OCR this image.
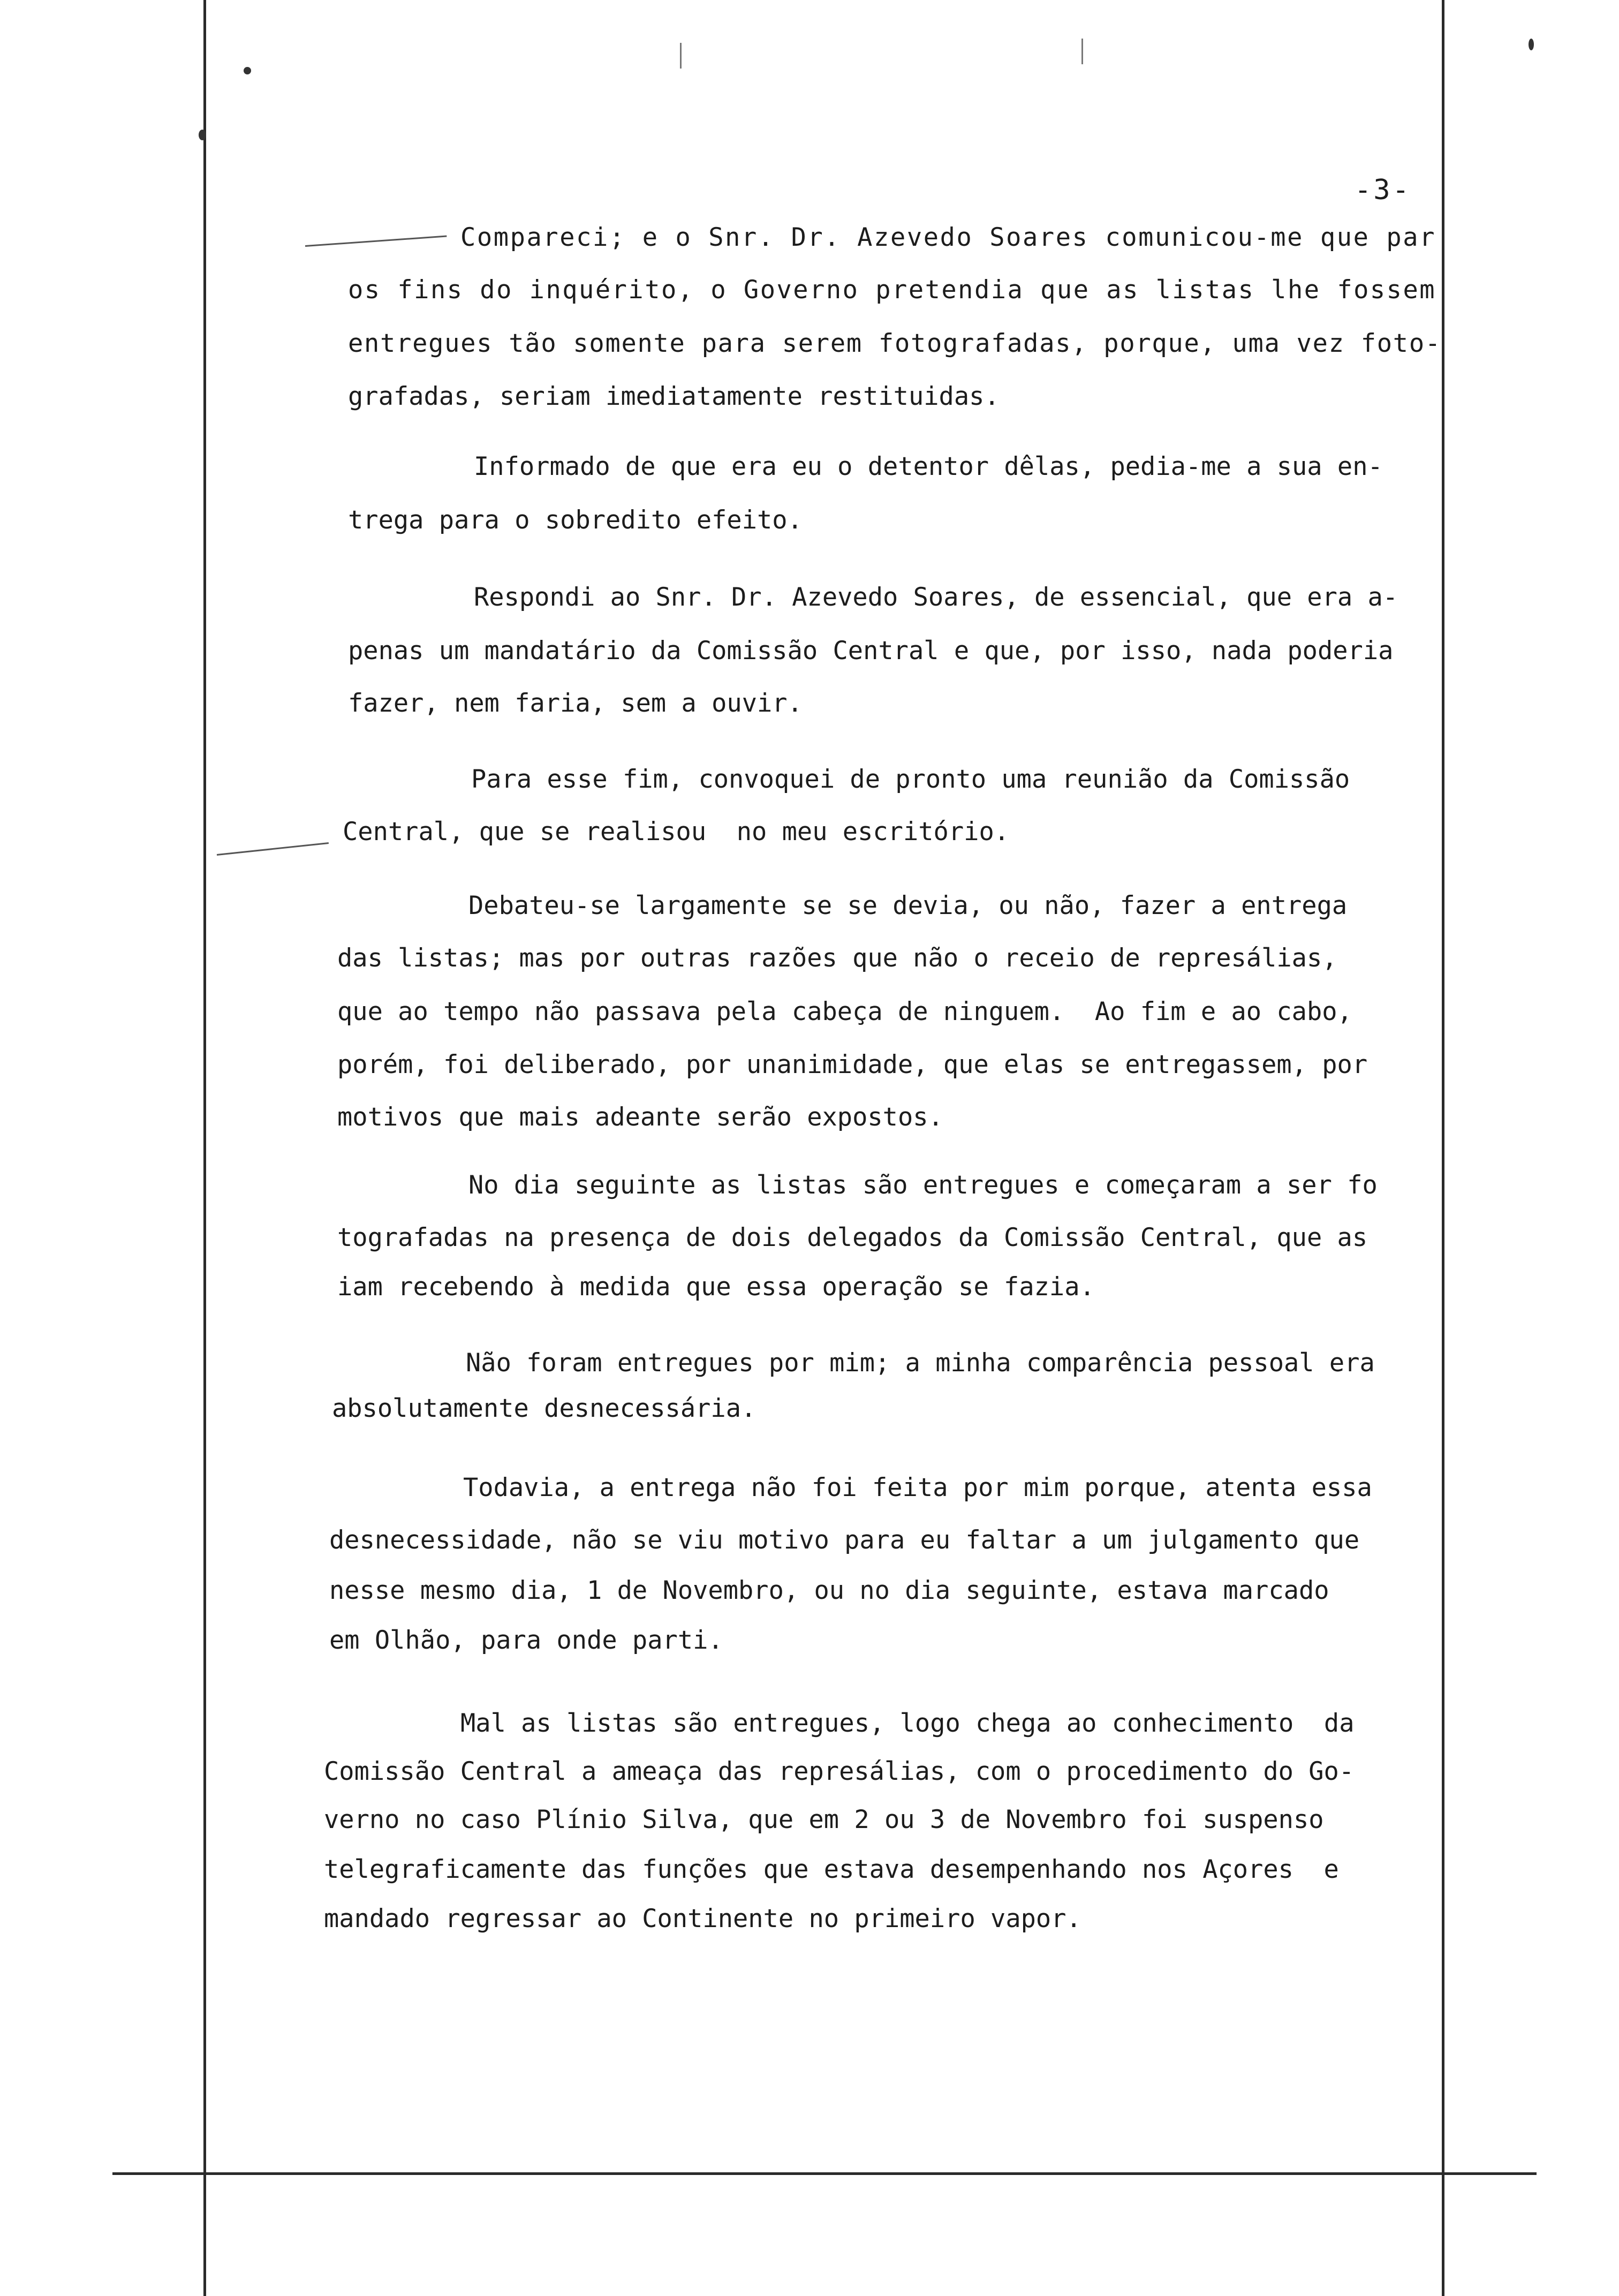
-3-
Compareci; e o Snr. Dr. Azevedo Soares comunicou-me que par
os fins do inquérito, o Governo pretendia que as listas lhe fossem
entregues tão somente para serem fotografadas, porque, uma vez foto-
grafadas, seriam imediatamente restituidas.
Informado de que era eu o detentor dêlas, pedia-me a sua en-
trega para o sobredito efeito.
Respondi ao Snr. Dr. Azevedo Soares, de essencial, que era a-
penas um mandatário da Comissão Central e que, por isso, nada poderia
fazer, nem faria, sem a ouvir.
Para esse fim, convoquei de pronto uma reunião da Comissão
Central, que se realisou  no meu escritório.
Debateu-se largamente se se devia, ou não, fazer a entrega
das listas; mas por outras razões que não o receio de represálias,
que ao tempo não passava pela cabeça de ninguem.  Ao fim e ao cabo,
porém, foi deliberado, por unanimidade, que elas se entregassem, por
motivos que mais adeante serão expostos.
No dia seguinte as listas são entregues e começaram a ser fo
tografadas na presença de dois delegados da Comissão Central, que as
iam recebendo à medida que essa operação se fazia.
Não foram entregues por mim; a minha comparência pessoal era
absolutamente desnecessária.
Todavia, a entrega não foi feita por mim porque, atenta essa
desnecessidade, não se viu motivo para eu faltar a um julgamento que
nesse mesmo dia, 1 de Novembro, ou no dia seguinte, estava marcado
em Olhão, para onde parti.
Mal as listas são entregues, logo chega ao conhecimento  da
Comissão Central a ameaça das represálias, com o procedimento do Go-
verno no caso Plínio Silva, que em 2 ou 3 de Novembro foi suspenso
telegraficamente das funções que estava desempenhando nos Açores  e
mandado regressar ao Continente no primeiro vapor.
